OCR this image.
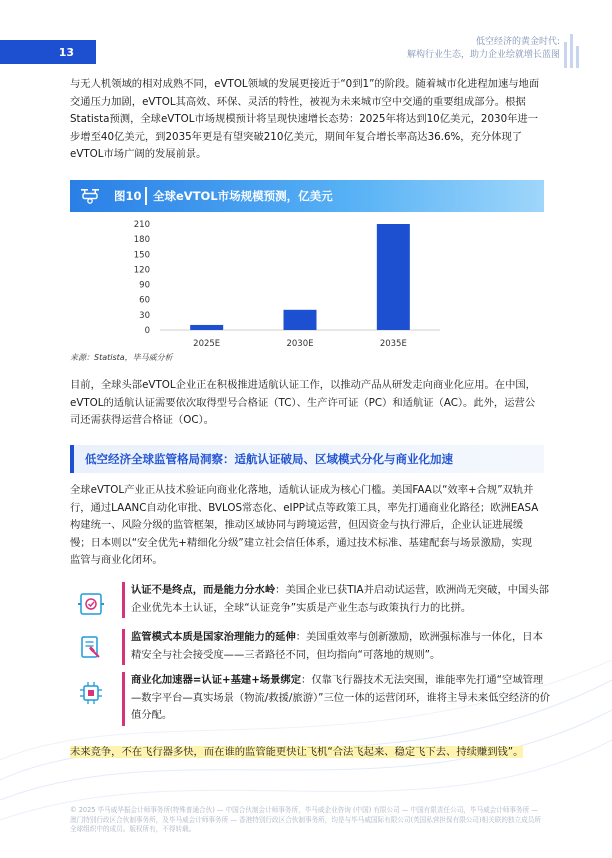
13
低空经济的黄金时代:
解构行业生态，助力企业绘就增长蓝图

与无人机领域的相对成熟不同，eVTOL领域的发展更接近于“0到1”的阶段。随着城市化进程加速与地面交通压力加剧，eVTOL其高效、环保、灵活的特性，被视为未来城市空中交通的重要组成部分。根据Statista预测，全球eVTOL市场规模预计将呈现快速增长态势：2025年将达到10亿美元，2030年进一步增至40亿美元，到2035年更是有望突破210亿美元，期间年复合增长率高达36.6%，充分体现了eVTOL市场广阔的发展前景。

图10 全球eVTOL市场规模预测，亿美元
0
30
60
90
120
150
180
210
2025E	2030E	2035E
来源：Statista，毕马威分析

目前，全球头部eVTOL企业正在积极推进适航认证工作，以推动产品从研发走向商业化应用。在中国，eVTOL的适航认证需要依次取得型号合格证（TC）、生产许可证（PC）和适航证（AC）。此外，运营公司还需获得运营合格证（OC）。

低空经济全球监管格局洞察：适航认证破局、区域模式分化与商业化加速

全球eVTOL产业正从技术验证向商业化落地，适航认证成为核心门槛。美国FAA以“效率+合规”双轨并行，通过LAANC自动化审批、BVLOS常态化、eIPP试点等政策工具，率先打通商业化路径；欧洲EASA构建统一、风险分级的监管框架，推动区域协同与跨境运营，但因资金与执行滞后，企业认证进展缓慢；日本则以“安全优先+精细化分级”建立社会信任体系，通过技术标准、基建配套与场景激励，实现监管与商业化闭环。

认证不是终点，而是能力分水岭：美国企业已获TIA并启动试运营，欧洲尚无突破，中国头部企业优先本土认证，全球“认证竞争”实质是产业生态与政策执行力的比拼。

监管模式本质是国家治理能力的延伸：美国重效率与创新激励，欧洲强标准与一体化，日本精安全与社会接受度——三者路径不同，但均指向“可落地的规则”。

商业化加速器=认证+基建+场景绑定：仅靠飞行器技术无法突围，谁能率先打通“空域管理—数字平台—真实场景（物流/救援/旅游）”三位一体的运营闭环，谁将主导未来低空经济的价值分配。

未来竞争，不在飞行器多快，而在谁的监管能更快让飞机“合法飞起来、稳定飞下去、持续赚到钱”。

© 2025 毕马威华振会计师事务所(特殊普通合伙) — 中国合伙制会计师事务所，毕马威企业咨询 (中国) 有限公司 — 中国有限责任公司，毕马威会计师事务所 — 澳门特别行政区合伙制事务所，及毕马威会计师事务所 — 香港特别行政区合伙制事务所，均是与毕马威国际有限公司(英国私营担保有限公司)相关联的独立成员所全球组织中的成员。版权所有，不得转载。
